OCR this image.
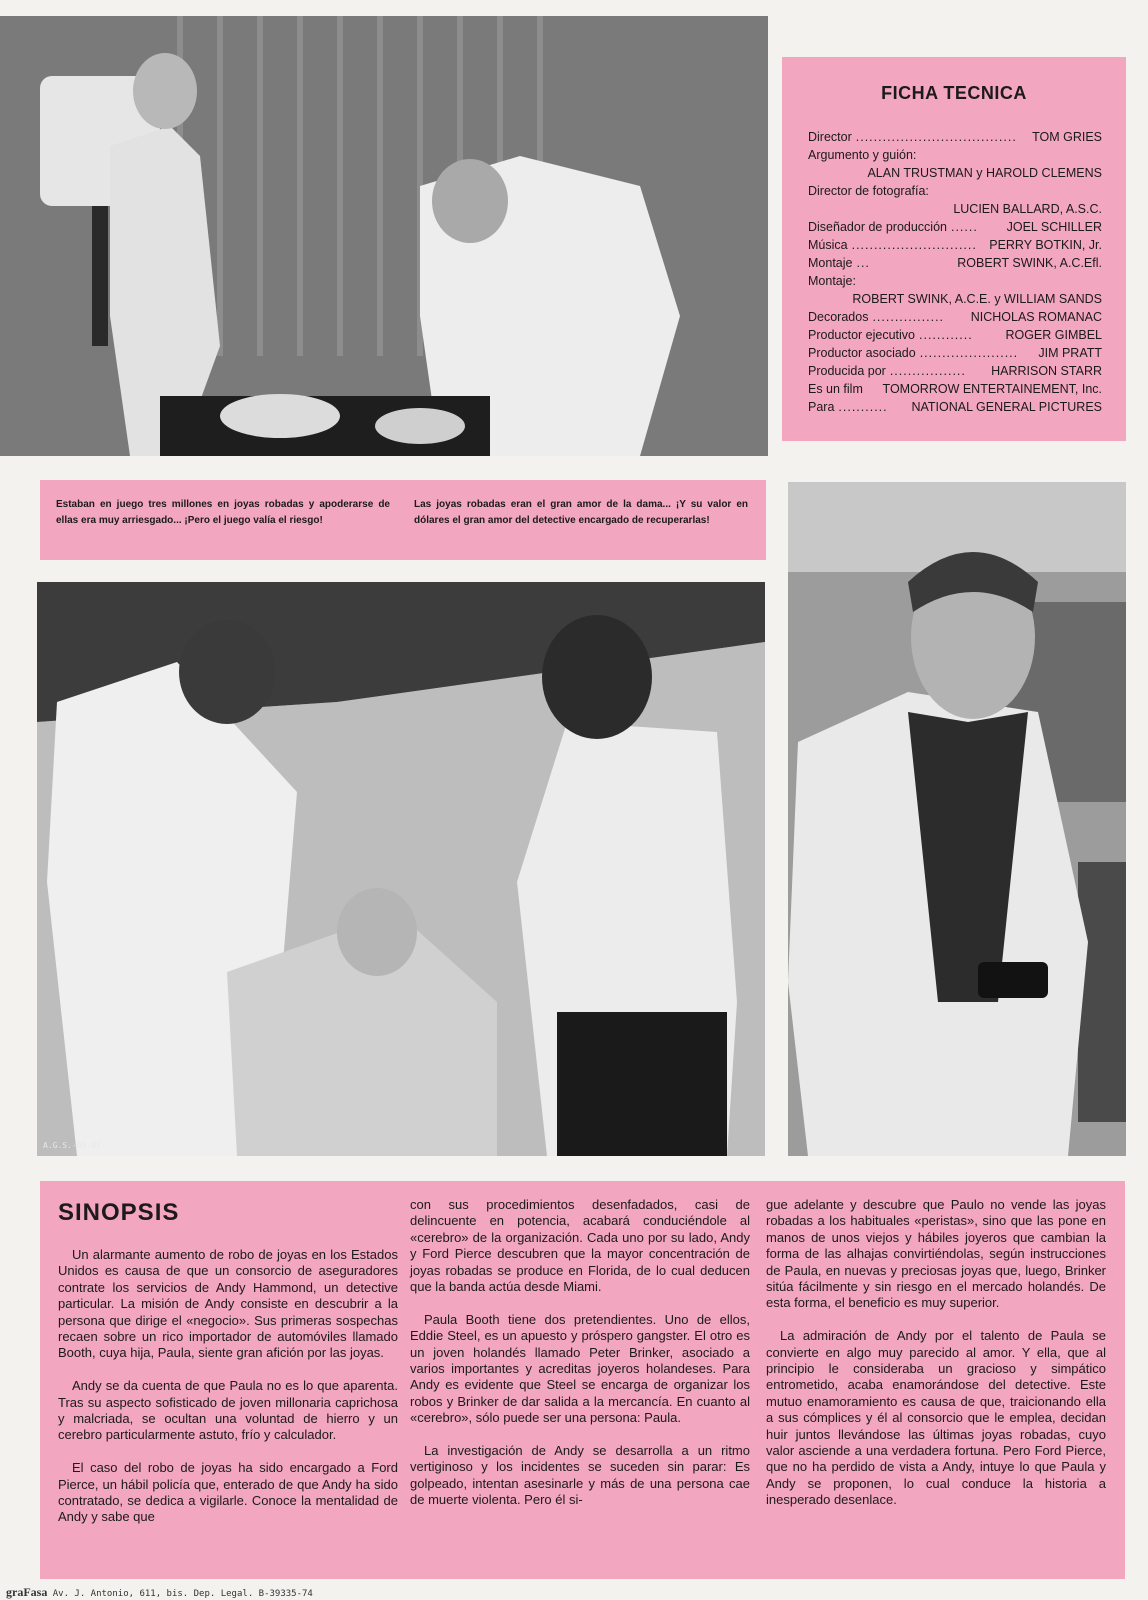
A.G.S.-09-07
FICHA TECNICA
Director ....................................	TOM GRIES
Argumento y guión:
ALAN TRUSTMAN y HAROLD CLEMENS
Director de fotografía:
LUCIEN BALLARD, A.S.C.
Diseñador de producción ......	JOEL SCHILLER
Música ............................ PERRY BOTKIN, Jr.
Montaje ...	ROBERT SWINK, A.C.Efl.
Montaje:
ROBERT SWINK, A.C.E. y WILLIAM SANDS
Decorados ................	NICHOLAS ROMANAC
Productor ejecutivo ............	ROGER GIMBEL
Productor asociado ......................	JIM PRATT
Producida por .................	HARRISON STARR
Es un film TOMORROW ENTERTAINEMENT, Inc.
Para ...........	NATIONAL GENERAL PICTURES
Estaban en juego tres millones en joyas robadas y apoderarse de ellas era muy arriesgado... ¡Pero el juego valía el riesgo!
Las joyas robadas eran el gran amor de la dama... ¡Y su valor en dólares el gran amor del detective encargado de recuperarlas!
SINOPSIS

Un alarmante aumento de robo de joyas en los Estados Unidos es causa de que un consorcio de aseguradores contrate los servicios de Andy Hammond, un detective particular. La misión de Andy consiste en descubrir a la persona que dirige el «negocio». Sus primeras sospechas recaen sobre un rico importador de automóviles llamado Booth, cuya hija, Paula, siente gran afición por las joyas.

Andy se da cuenta de que Paula no es lo que aparenta. Tras su aspecto sofisticado de joven millonaria caprichosa y malcriada, se ocultan una voluntad de hierro y un cerebro particularmente astuto, frío y calculador.

El caso del robo de joyas ha sido encargado a Ford Pierce, un hábil policía que, enterado de que Andy ha sido contratado, se dedica a vigilarle. Conoce la mentalidad de Andy y sabe que

con sus procedimientos desenfadados, casi de delincuente en potencia, acabará conduciéndole al «cerebro» de la organización. Cada uno por su lado, Andy y Ford Pierce descubren que la mayor concentración de joyas robadas se produce en Florida, de lo cual deducen que la banda actúa desde Miami.

Paula Booth tiene dos pretendientes. Uno de ellos, Eddie Steel, es un apuesto y próspero gangster. El otro es un joven holandés llamado Peter Brinker, asociado a varios importantes y acreditas joyeros holandeses. Para Andy es evidente que Steel se encarga de organizar los robos y Brinker de dar salida a la mercancía. En cuanto al «cerebro», sólo puede ser una persona: Paula.

La investigación de Andy se desarrolla a un ritmo vertiginoso y los incidentes se suceden sin parar: Es golpeado, intentan asesinarle y más de una persona cae de muerte violenta. Pero él si-

gue adelante y descubre que Paulo no vende las joyas robadas a los habituales «peristas», sino que las pone en manos de unos viejos y hábiles joyeros que cambian la forma de las alhajas convirtiéndolas, según instrucciones de Paula, en nuevas y preciosas joyas que, luego, Brinker sitúa fácilmente y sin riesgo en el mercado holandés. De esta forma, el beneficio es muy superior.

La admiración de Andy por el talento de Paula se convierte en algo muy parecido al amor. Y ella, que al principio le consideraba un gracioso y simpático entrometido, acaba enamorándose del detective. Este mutuo enamoramiento es causa de que, traicionando ella a sus cómplices y él al consorcio que le emplea, decidan huir juntos llevándose las últimas joyas robadas, cuyo valor asciende a una verdadera fortuna. Pero Ford Pierce, que no ha perdido de vista a Andy, intuye lo que Paula y Andy se proponen, lo cual conduce la historia a inesperado desenlace.

graFasa Av. J. Antonio, 611, bis. Dep. Legal. B-39335-74
